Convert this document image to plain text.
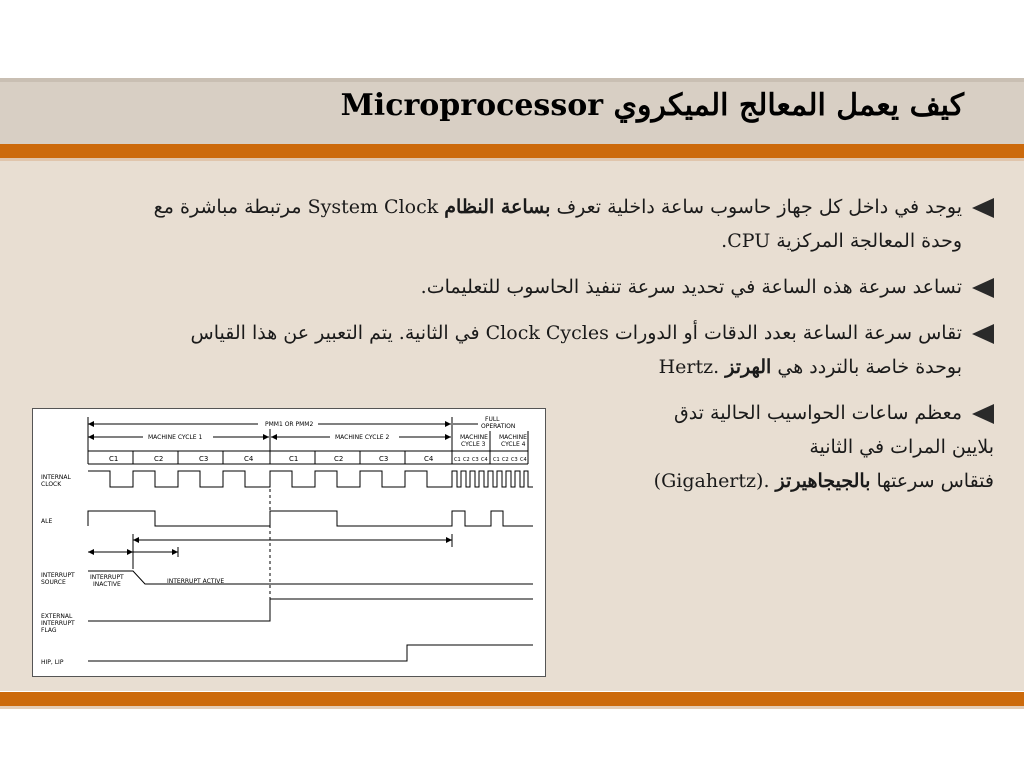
كيف يعمل المعالج الميكروي Microprocessor
يوجد في داخل كل جهاز حاسوب ساعة داخلية تعرف بساعة النظام System Clock مرتبطة مباشرة مع
وحدة المعالجة المركزية CPU.
تساعد سرعة هذه الساعة في تحديد سرعة تنفيذ الحاسوب للتعليمات.
تقاس سرعة الساعة بعدد الدقات أو الدورات Clock Cycles في الثانية. يتم التعبير عن هذا القياس
بوحدة خاصة بالتردد هي الهرتز Hertz.
معظم ساعات الحواسيب الحالية تدق
بلايين المرات في الثانية
فتقاس سرعتها بالجيجاهيرتز (Gigahertz).
PMM1 OR PMM2
FULL
OPERATION
MACHINE CYCLE 1	MACHINE CYCLE 2	MACHINE
CYCLE 3
MACHINE
CYCLE 4
INTERNAL
CLOCK
ALE
INTERRUPT
SOURCE
EXTERNAL
INTERRUPT
FLAG
HIP, LIP
INTERRUPT
INACTIVE	INTERRUPT ACTIVE
C1	C2	C3	C4	C1	C2	C3	C4	C1 C2 C3 C4 C1 C2 C3 C4
